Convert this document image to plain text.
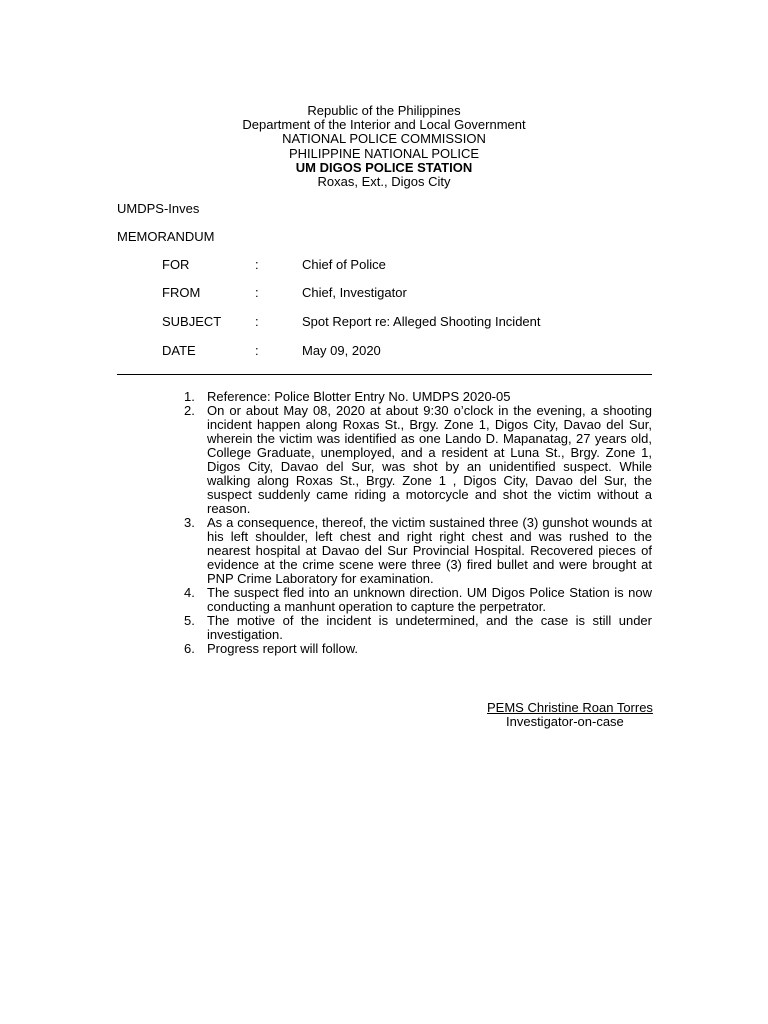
Republic of the Philippines
Department of the Interior and Local Government
NATIONAL POLICE COMMISSION
PHILIPPINE NATIONAL POLICE
UM DIGOS POLICE STATION
Roxas, Ext., Digos City
UMDPS-Inves
MEMORANDUM
FOR	:	Chief of Police
FROM	:	Chief, Investigator
SUBJECT	:	Spot Report re: Alleged Shooting Incident
DATE	:	May 09, 2020
1. Reference: Police Blotter Entry No. UMDPS 2020-05
2. On or about May 08, 2020 at about 9:30 o’clock in the evening, a shooting incident happen along Roxas St., Brgy. Zone 1, Digos City, Davao del Sur, wherein the victim was identified as one Lando D. Mapanatag, 27 years old, College Graduate, unemployed, and a resident at Luna St., Brgy. Zone 1, Digos City, Davao del Sur, was shot by an unidentified suspect. While walking along Roxas St., Brgy. Zone 1 , Digos City, Davao del Sur, the suspect suddenly came riding a motorcycle and shot the victim without a reason.
3. As a consequence, thereof, the victim sustained three (3) gunshot wounds at his left shoulder, left chest and right right chest and was rushed to the nearest hospital at Davao del Sur Provincial Hospital. Recovered pieces of evidence at the crime scene were three (3) fired bullet and were brought at PNP Crime Laboratory for examination.
4. The suspect fled into an unknown direction. UM Digos Police Station is now conducting a manhunt operation to capture the perpetrator.
5. The motive of the incident is undetermined, and the case is still under investigation.
6. Progress report will follow.
PEMS Christine Roan Torres
Investigator-on-case
